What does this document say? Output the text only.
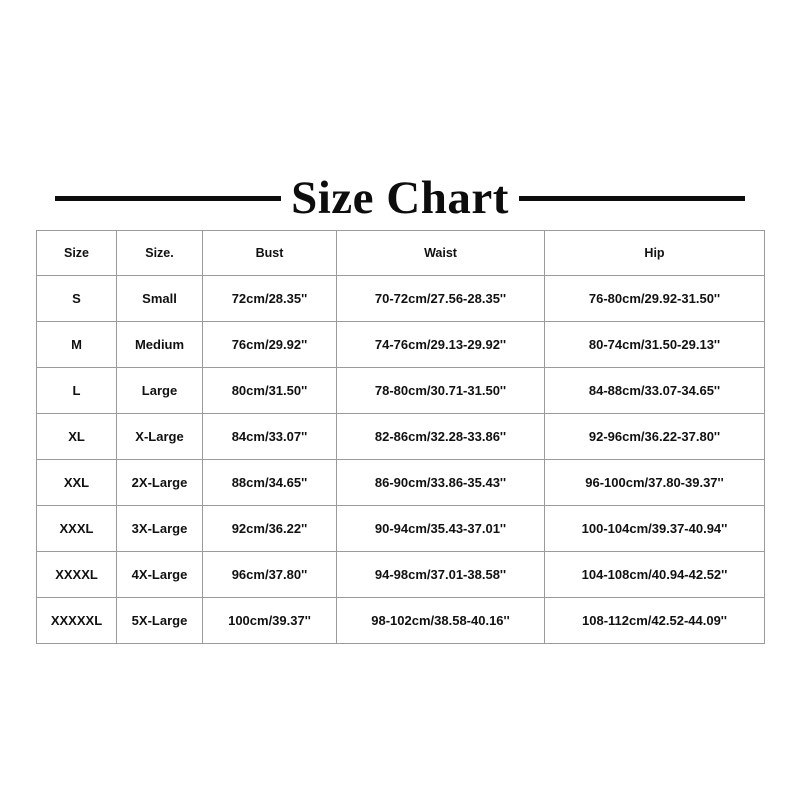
Size Chart
Size	Size.	Bust	Waist	Hip
S	Small	72cm/28.35''	70-72cm/27.56-28.35''	76-80cm/29.92-31.50''
M	Medium	76cm/29.92''	74-76cm/29.13-29.92''	80-74cm/31.50-29.13''
L	Large	80cm/31.50''	78-80cm/30.71-31.50''	84-88cm/33.07-34.65''
XL	X-Large	84cm/33.07''	82-86cm/32.28-33.86''	92-96cm/36.22-37.80''
XXL	2X-Large	88cm/34.65''	86-90cm/33.86-35.43''	96-100cm/37.80-39.37''
XXXL	3X-Large	92cm/36.22''	90-94cm/35.43-37.01''	100-104cm/39.37-40.94''
XXXXL	4X-Large	96cm/37.80''	94-98cm/37.01-38.58''	104-108cm/40.94-42.52''
XXXXXL	5X-Large	100cm/39.37''	98-102cm/38.58-40.16''	108-112cm/42.52-44.09''
